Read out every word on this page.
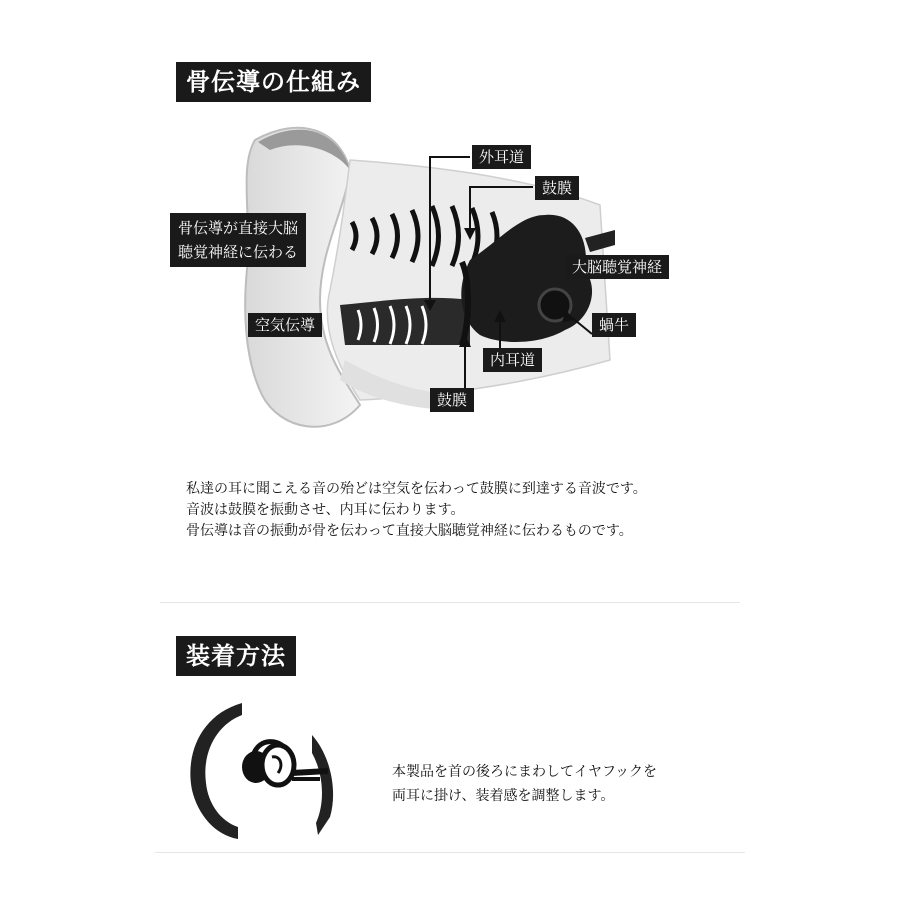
骨伝導の仕組み
外耳道
鼓膜
骨伝導が直接大脳
聴覚神経に伝わる
大脳聴覚神経
空気伝導	蝸牛
内耳道
鼓膜
私達の耳に聞こえる音の殆どは空気を伝わって鼓膜に到達する音波です。
音波は鼓膜を振動させ、内耳に伝わります。
骨伝導は音の振動が骨を伝わって直接大脳聴覚神経に伝わるものです。
装着方法
本製品を首の後ろにまわしてイヤフックを
両耳に掛け、装着感を調整します。
